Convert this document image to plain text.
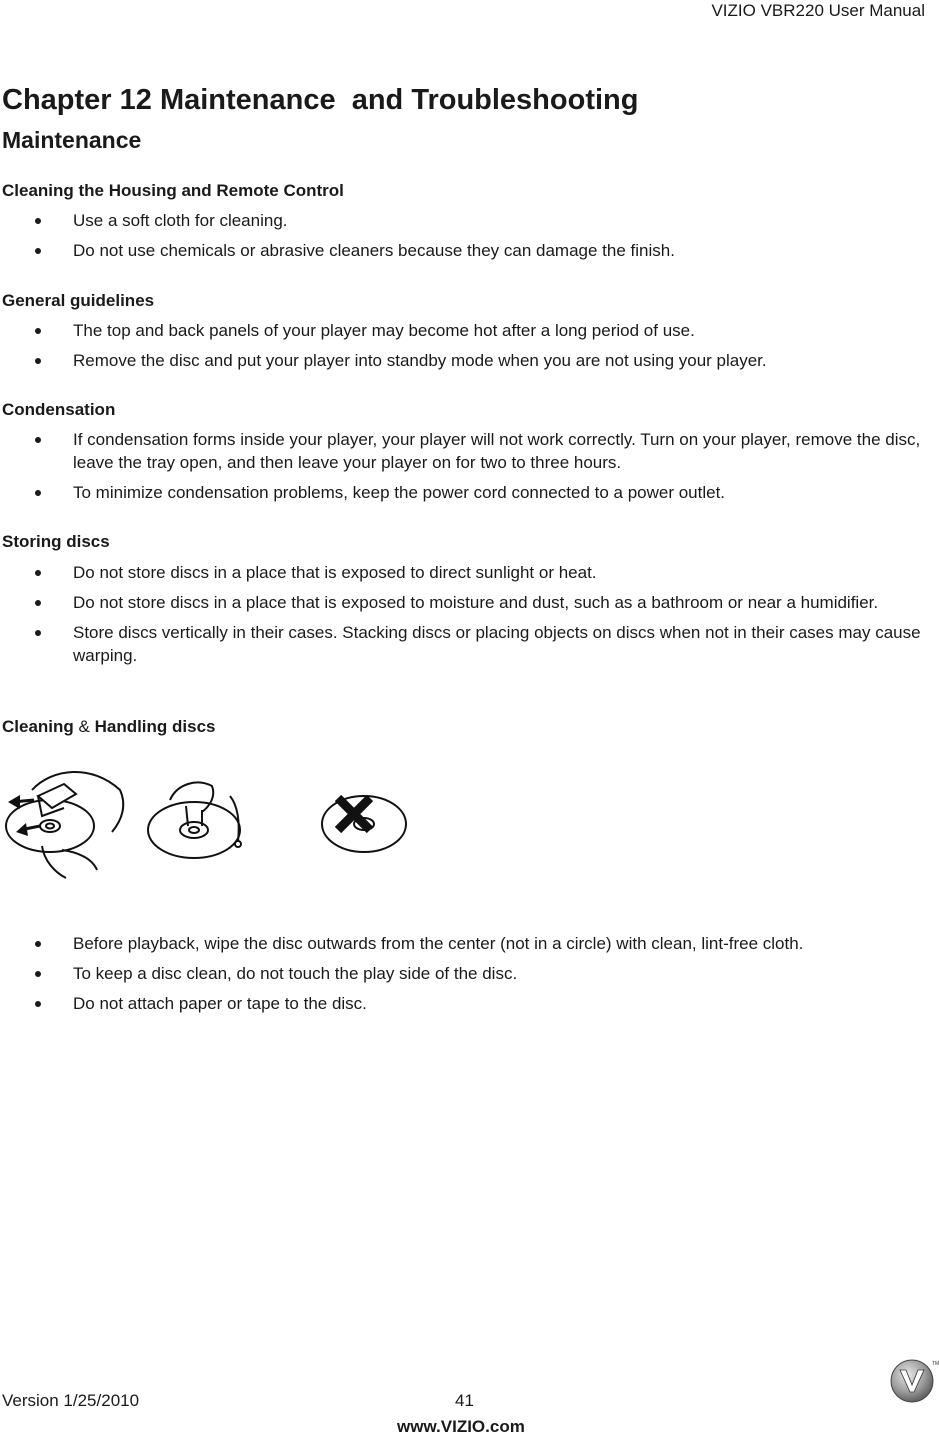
VIZIO VBR220 User Manual
Chapter 12 Maintenance  and Troubleshooting
Maintenance
Cleaning the Housing and Remote Control
Use a soft cloth for cleaning.
Do not use chemicals or abrasive cleaners because they can damage the finish.
General guidelines
The top and back panels of your player may become hot after a long period of use.
Remove the disc and put your player into standby mode when you are not using your player.
Condensation
If condensation forms inside your player, your player will not work correctly. Turn on your player, remove the disc, leave the tray open, and then leave your player on for two to three hours.
To minimize condensation problems, keep the power cord connected to a power outlet.
Storing discs
Do not store discs in a place that is exposed to direct sunlight or heat.
Do not store discs in a place that is exposed to moisture and dust, such as a bathroom or near a humidifier.
Store discs vertically in their cases. Stacking discs or placing objects on discs when not in their cases may cause warping.
Cleaning & Handling discs
Before playback, wipe the disc outwards from the center (not in a circle) with clean, lint-free cloth.
To keep a disc clean, do not touch the play side of the disc.
Do not attach paper or tape to the disc.
Version 1/25/2010	41
www.VIZIO.com
TM
